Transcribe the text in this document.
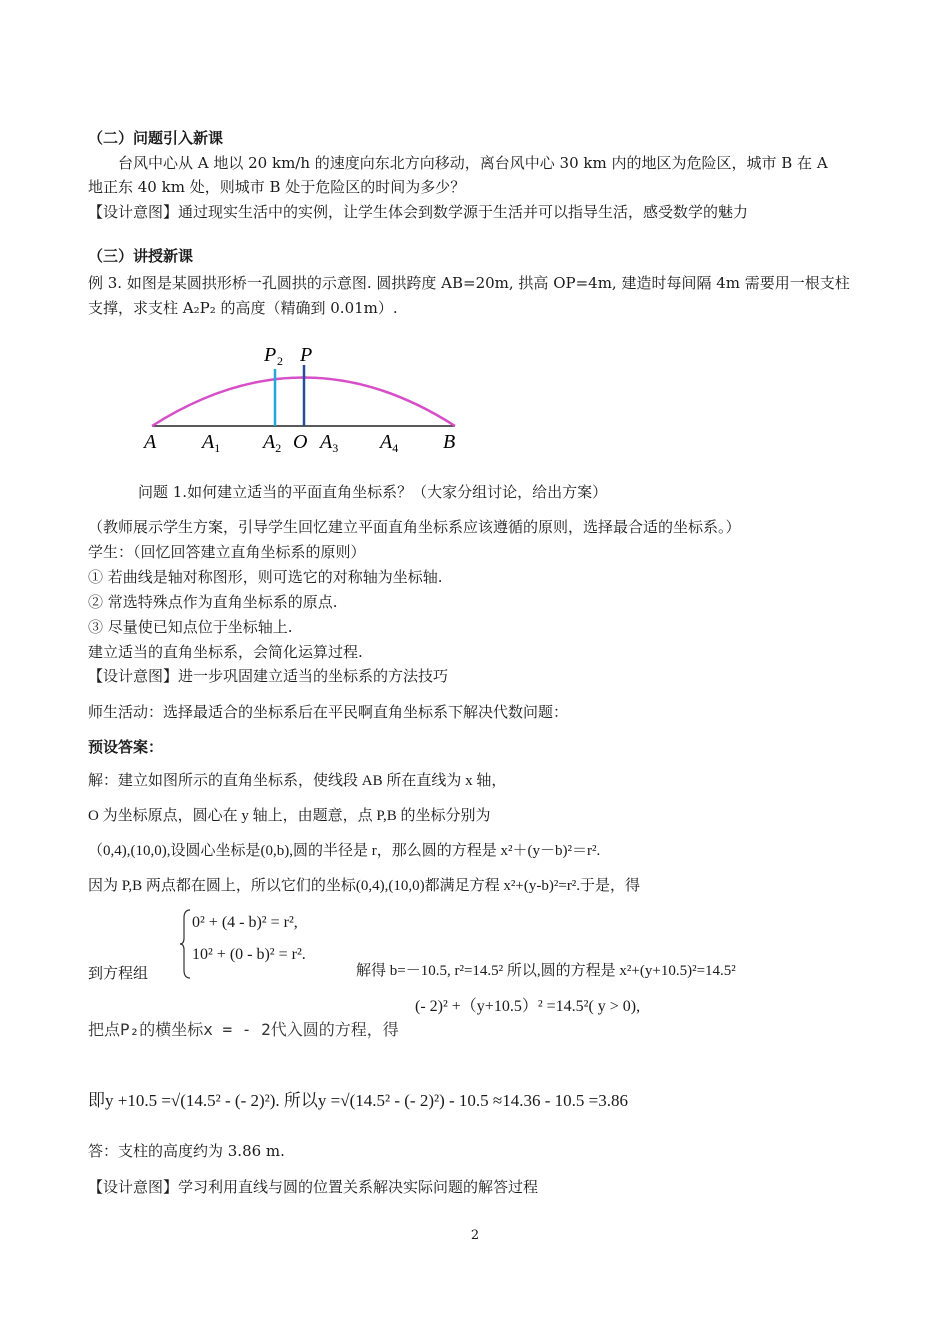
（二）问题引入新课
台风中心从 A 地以 20 km/h 的速度向东北方向移动，离台风中心 30 km 内的地区为危险区，城市 B 在 A
地正东 40 km 处，则城市 B 处于危险区的时间为多少？
【设计意图】通过现实生活中的实例，让学生体会到数学源于生活并可以指导生活，感受数学的魅力
（三）讲授新课
例 3. 如图是某圆拱形桥一孔圆拱的示意图. 圆拱跨度 AB=20m, 拱高 OP=4m, 建造时每间隔 4m 需要用一根支柱
支撑，求支柱 A₂P₂ 的高度（精确到 0.01m）.
P 2 P
A $A_1$ $A_2$ O $A_3$ $A_4$ B
问题 1.如何建立适当的平面直角坐标系？（大家分组讨论，给出方案）
（教师展示学生方案，引导学生回忆建立平面直角坐标系应该遵循的原则，选择最合适的坐标系。）
学生：（回忆回答建立直角坐标系的原则）
① 若曲线是轴对称图形，则可选它的对称轴为坐标轴.
② 常选特殊点作为直角坐标系的原点.
③ 尽量使已知点位于坐标轴上.
建立适当的直角坐标系，会简化运算过程.
【设计意图】进一步巩固建立适当的坐标系的方法技巧
师生活动：选择最适合的坐标系后在平民啊直角坐标系下解决代数问题：
预设答案：
解：建立如图所示的直角坐标系，使线段 AB 所在直线为 x 轴，
O 为坐标原点，圆心在 y 轴上，由题意，点 P,B 的坐标分别为
（0,4),(10,0),设圆心坐标是(0,b),圆的半径是 r，那么圆的方程是 x²＋(y－b)²＝r².
因为 P,B 两点都在圆上，所以它们的坐标(0,4),(10,0)都满足方程 x²+(y-b)²=r².于是，得
0² + (4 - b)² = r²,
10² + (0 - b)² = r².
到方程组	解得 b=－10.5, r²=14.5² 所以,圆的方程是 x²+(y+10.5)²=14.5²
(- 2)² +（y+10.5）² =14.5²( y > 0),
把点P₂的横坐标x = - 2代入圆的方程，得
即y +10.5 =√(14.5² - (- 2)²). 所以y =√(14.5² - (- 2)²) - 10.5 ≈14.36 - 10.5 =3.86
答：支柱的高度约为 3.86 m.
【设计意图】学习利用直线与圆的位置关系解决实际问题的解答过程
2
